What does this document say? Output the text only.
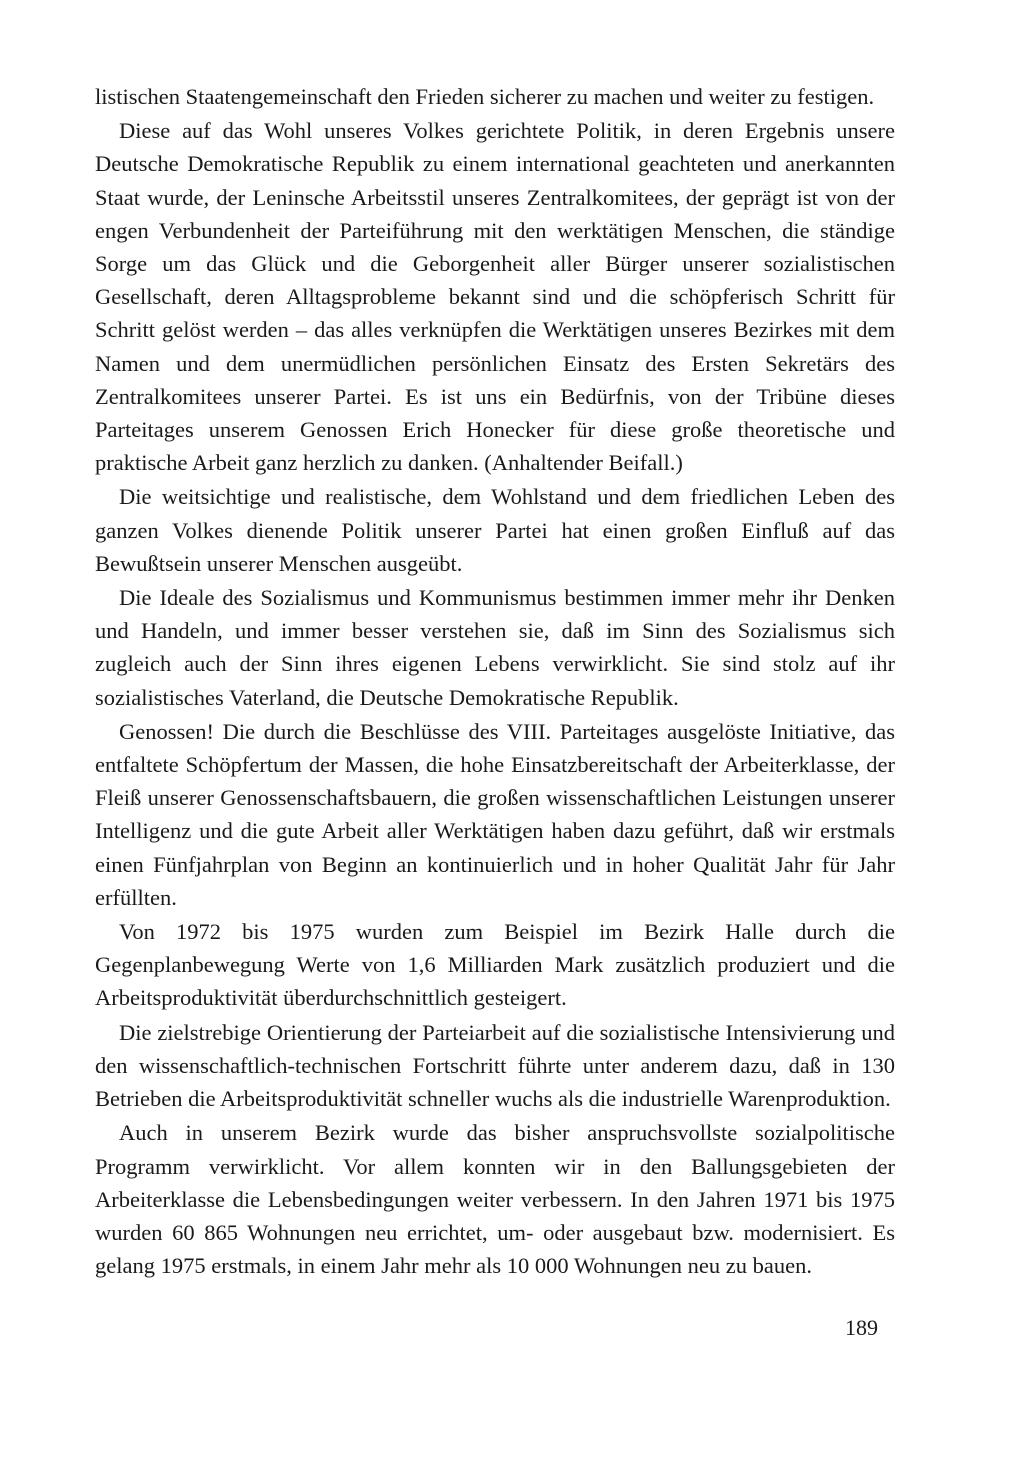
listischen Staatengemeinschaft den Frieden sicherer zu machen und weiter zu festigen.

Diese auf das Wohl unseres Volkes gerichtete Politik, in deren Ergebnis unsere Deutsche Demokratische Republik zu einem international geachteten und anerkannten Staat wurde, der Leninsche Arbeitsstil unseres Zentralkomitees, der geprägt ist von der engen Verbundenheit der Parteiführung mit den werktätigen Menschen, die ständige Sorge um das Glück und die Geborgenheit aller Bürger unserer sozialistischen Gesellschaft, deren Alltagsprobleme bekannt sind und die schöpferisch Schritt für Schritt gelöst werden – das alles verknüpfen die Werktätigen unseres Bezirkes mit dem Namen und dem unermüdlichen persönlichen Einsatz des Ersten Sekretärs des Zentralkomitees unserer Partei. Es ist uns ein Bedürfnis, von der Tribüne dieses Parteitages unserem Genossen Erich Honecker für diese große theoretische und praktische Arbeit ganz herzlich zu danken. (Anhaltender Beifall.)

Die weitsichtige und realistische, dem Wohlstand und dem friedlichen Leben des ganzen Volkes dienende Politik unserer Partei hat einen großen Einfluß auf das Bewußtsein unserer Menschen ausgeübt.

Die Ideale des Sozialismus und Kommunismus bestimmen immer mehr ihr Denken und Handeln, und immer besser verstehen sie, daß im Sinn des Sozialismus sich zugleich auch der Sinn ihres eigenen Lebens verwirklicht. Sie sind stolz auf ihr sozialistisches Vaterland, die Deutsche Demokratische Republik.

Genossen! Die durch die Beschlüsse des VIII. Parteitages ausgelöste Initiative, das entfaltete Schöpfertum der Massen, die hohe Einsatzbereitschaft der Arbeiterklasse, der Fleiß unserer Genossenschaftsbauern, die großen wissenschaftlichen Leistungen unserer Intelligenz und die gute Arbeit aller Werktätigen haben dazu geführt, daß wir erstmals einen Fünfjahrplan von Beginn an kontinuierlich und in hoher Qualität Jahr für Jahr erfüllten.

Von 1972 bis 1975 wurden zum Beispiel im Bezirk Halle durch die Gegenplanbewegung Werte von 1,6 Milliarden Mark zusätzlich produziert und die Arbeitsproduktivität überdurchschnittlich gesteigert.

Die zielstrebige Orientierung der Parteiarbeit auf die sozialistische Intensivierung und den wissenschaftlich-technischen Fortschritt führte unter anderem dazu, daß in 130 Betrieben die Arbeitsproduktivität schneller wuchs als die industrielle Warenproduktion.

Auch in unserem Bezirk wurde das bisher anspruchsvollste sozialpolitische Programm verwirklicht. Vor allem konnten wir in den Ballungsgebieten der Arbeiterklasse die Lebensbedingungen weiter verbessern. In den Jahren 1971 bis 1975 wurden 60 865 Wohnungen neu errichtet, um- oder ausgebaut bzw. modernisiert. Es gelang 1975 erstmals, in einem Jahr mehr als 10 000 Wohnungen neu zu bauen.

189
